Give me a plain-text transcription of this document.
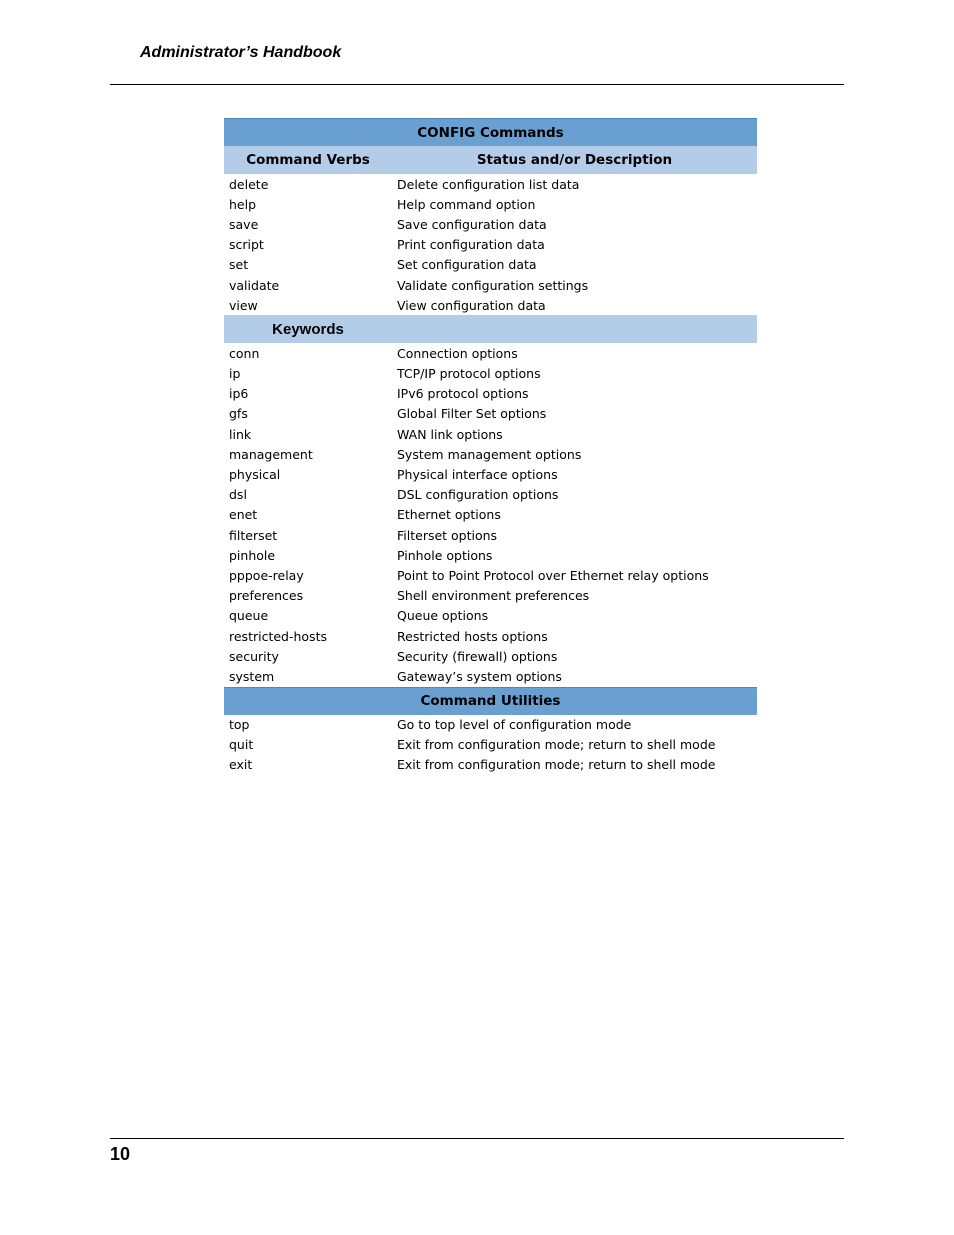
Administrator’s Handbook
CONFIG Commands
Command Verbs	Status and/or Description
delete	Delete configuration list data
help	Help command option
save	Save configuration data
script	Print configuration data
set	Set configuration data
validate	Validate configuration settings
view	View configuration data
Keywords
conn	Connection options
ip	TCP/IP protocol options
ip6	IPv6 protocol options
gfs	Global Filter Set options
link	WAN link options
management	System management options
physical	Physical interface options
dsl	DSL configuration options
enet	Ethernet options
filterset	Filterset options
pinhole	Pinhole options
pppoe-relay	Point to Point Protocol over Ethernet relay options
preferences	Shell environment preferences
queue	Queue options
restricted-hosts	Restricted hosts options
security	Security (firewall) options
system	Gateway’s system options
Command Utilities
top	Go to top level of configuration mode
quit	Exit from configuration mode; return to shell mode
exit	Exit from configuration mode; return to shell mode
10
